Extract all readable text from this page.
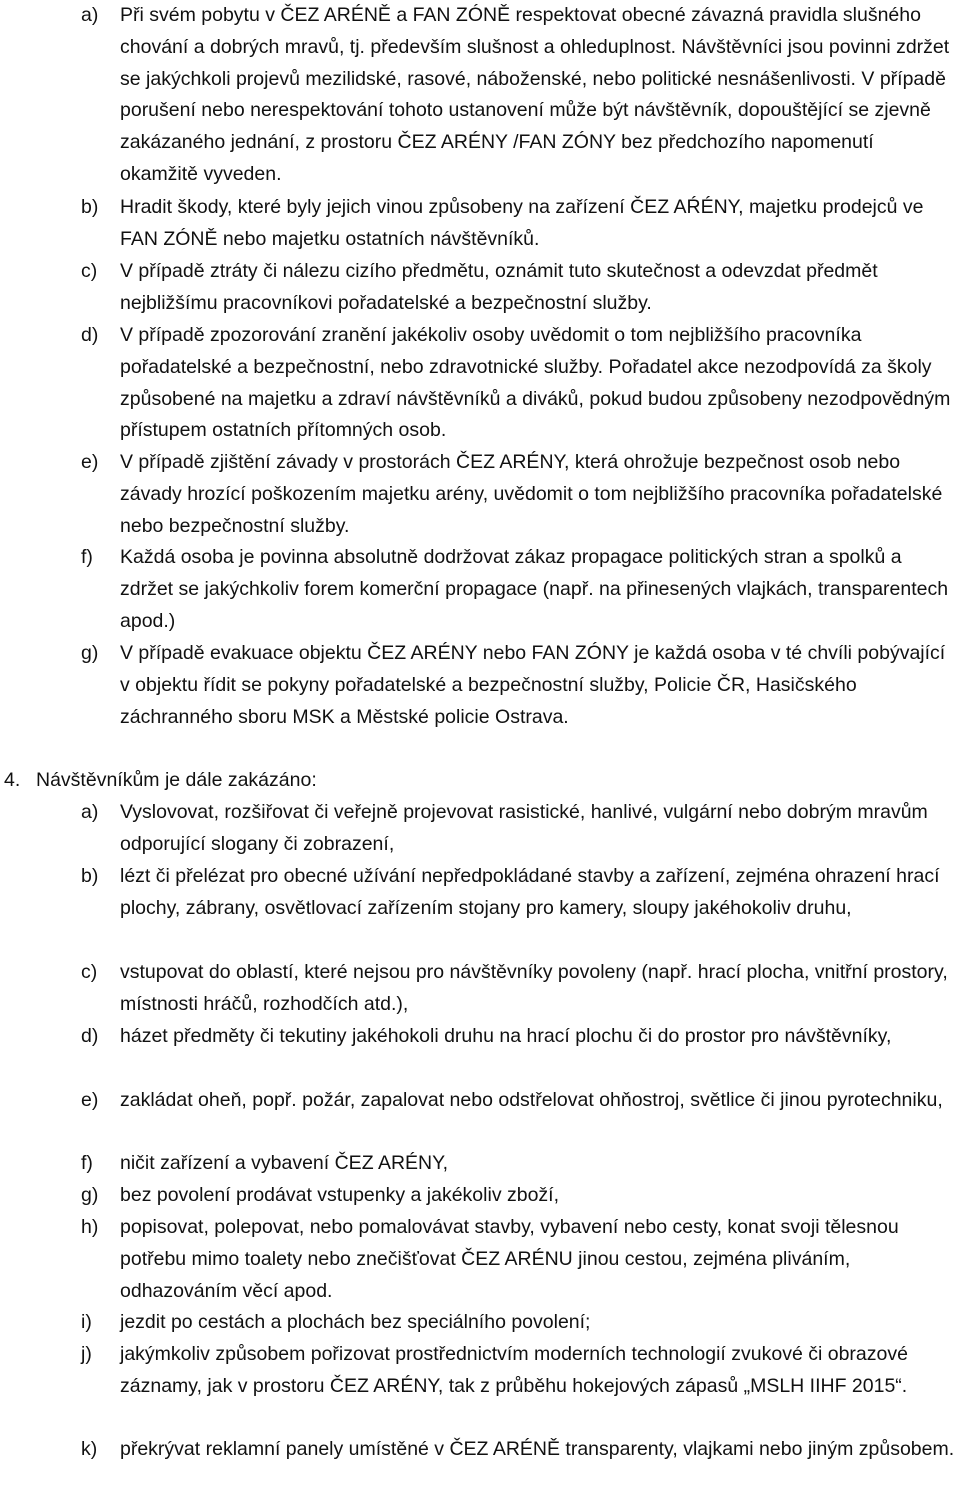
a)	Při svém pobytu v ČEZ ARÉNĚ a FAN ZÓNĚ respektovat obecné závazná pravidla slušného chování a dobrých mravů, tj. především slušnost a ohleduplnost. Návštěvníci jsou povinni zdržet se jakýchkoli projevů mezilidské, rasové, náboženské, nebo politické nesnášenlivosti. V případě porušení nebo nerespektování tohoto ustanovení může být návštěvník, dopouštějící se zjevně zakázaného jednání, z prostoru ČEZ ARÉNY /FAN ZÓNY bez předchozího napomenutí okamžitě vyveden.
b)	Hradit škody, které byly jejich vinou způsobeny na zařízení ČEZ AŔÉNY, majetku prodejců ve FAN ZÓNĚ nebo majetku ostatních návštěvníků.
c)	V případě ztráty či nálezu cizího předmětu, oznámit tuto skutečnost a odevzdat předmět nejbližšímu pracovníkovi pořadatelské a bezpečnostní služby.
d)	V případě zpozorování zranění jakékoliv osoby uvědomit o tom nejbližšího pracovníka pořadatelské a bezpečnostní, nebo zdravotnické služby. Pořadatel akce nezodpovídá za školy způsobené na majetku a zdraví návštěvníků a diváků, pokud budou způsobeny nezodpovědným přístupem ostatních přítomných osob.
e)	V případě zjištění závady v prostorách ČEZ ARÉNY, která ohrožuje bezpečnost osob nebo závady hrozící poškozením majetku arény, uvědomit o tom nejbližšího pracovníka pořadatelské nebo bezpečnostní služby.
f)	Každá osoba je povinna absolutně dodržovat zákaz propagace politických stran a spolků a zdržet se jakýchkoliv forem komerční propagace (např. na přinesených vlajkách, transparentech apod.)
g)	V případě evakuace objektu ČEZ ARÉNY nebo FAN ZÓNY je každá osoba v té chvíli pobývající v objektu řídit se pokyny pořadatelské a bezpečnostní služby, Policie ČR, Hasičského záchranného sboru MSK a Městské policie Ostrava.
4. Návštěvníkům je dále zakázáno:
a)	Vyslovovat, rozšiřovat či veřejně projevovat rasistické, hanlivé, vulgární nebo dobrým mravům odporující slogany či zobrazení,
b)	lézt či přelézat pro obecné užívání nepředpokládané stavby a zařízení, zejména ohrazení hrací plochy, zábrany, osvětlovací zařízením stojany pro kamery, sloupy jakéhokoliv druhu,
c)	vstupovat do oblastí, které nejsou pro návštěvníky povoleny (např. hrací plocha, vnitřní prostory, místnosti hráčů, rozhodčích atd.),
d)	házet předměty či tekutiny jakéhokoli druhu na hrací plochu či do prostor pro návštěvníky,
e)	zakládat oheň, popř. požár, zapalovat nebo odstřelovat ohňostroj, světlice či jinou pyrotechniku,
f)	ničit zařízení a vybavení ČEZ ARÉNY,
g)	bez povolení prodávat vstupenky a jakékoliv zboží,
h)	popisovat, polepovat, nebo pomalovávat stavby, vybavení nebo cesty, konat svoji tělesnou potřebu mimo toalety nebo znečišťovat ČEZ ARÉNU jinou cestou, zejména pliváním, odhazováním věcí apod.
i)	jezdit po cestách a plochách bez speciálního povolení;
j)	jakýmkoliv způsobem pořizovat prostřednictvím moderních technologií zvukové či obrazové záznamy, jak v prostoru ČEZ ARÉNY, tak z průběhu hokejových zápasů „MSLH IIHF 2015“.
k)	překrývat reklamní panely umístěné v ČEZ ARÉNĚ transparenty, vlajkami nebo jiným způsobem.
